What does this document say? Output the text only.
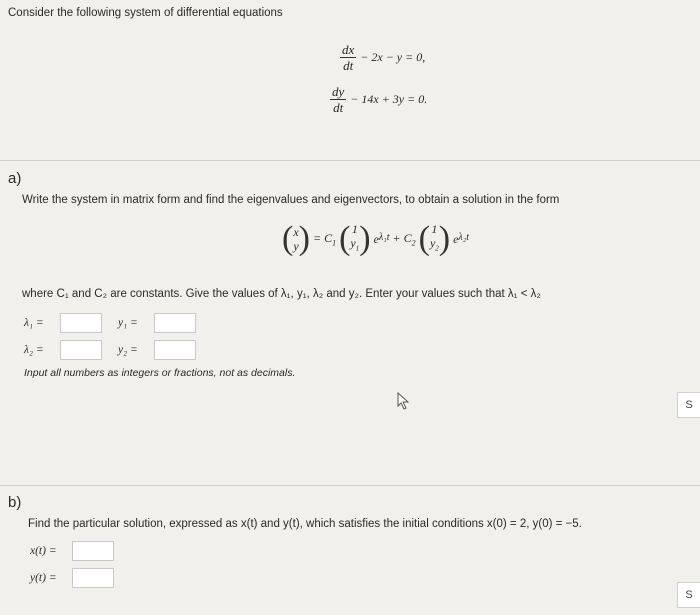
Consider the following system of differential equations
$\frac{dx}{dt} - 2x - y = 0$,
$\frac{dy}{dt} - 14x + 3y = 0$.
a)
Write the system in matrix form and find the eigenvalues and eigenvectors, to obtain a solution in the form
( x
y ) = $C_1$ ( 1
$y_1$ ) $e^{\lambda_1t} + C_2$ ( 1
$y_2$ ) $e^{\lambda_2t}$
where C₁ and C₂ are constants. Give the values of λ₁, y₁, λ₂ and y₂. Enter your values such that λ₁ < λ₂
λ₁ =	y₁ =
λ₂ =	y₂ =
Input all numbers as integers or fractions, not as decimals.
S
b)
Find the particular solution, expressed as x(t) and y(t), which satisfies the initial conditions x(0) = 2, y(0) = −5.
x(t) =
y(t) =
S
